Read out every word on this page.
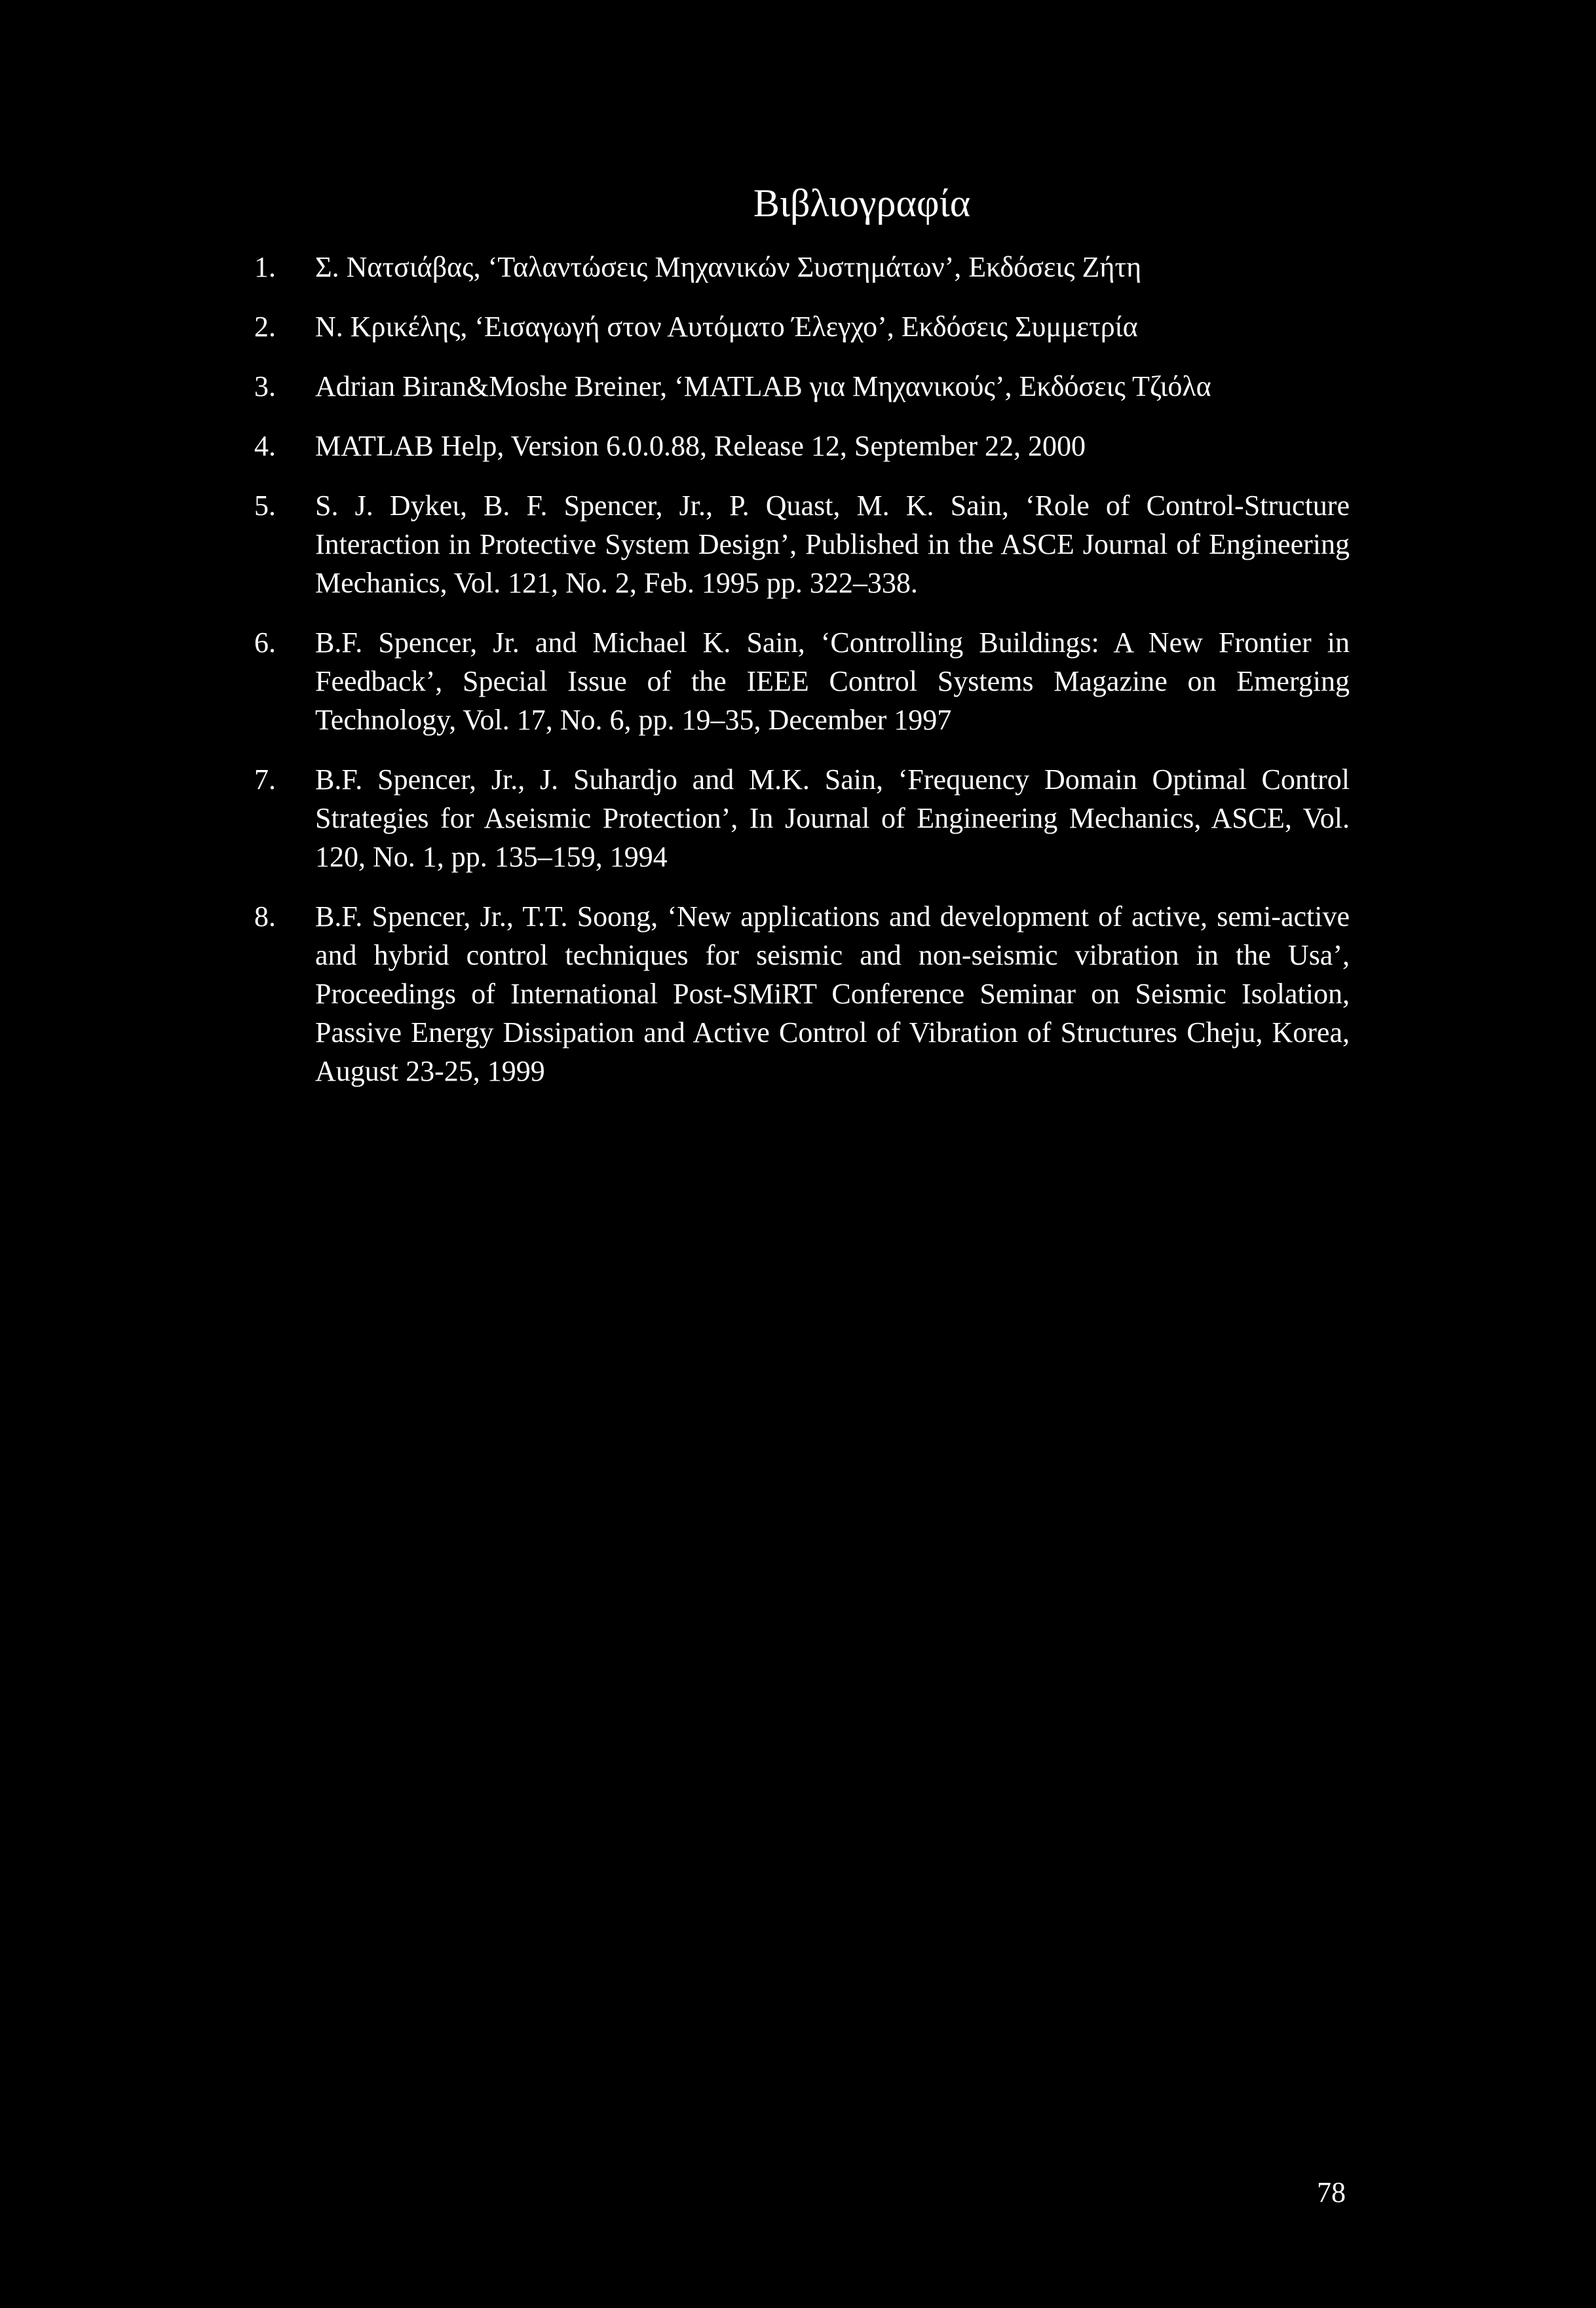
Βιβλιογραφία
1. Σ. Νατσιάβας, ‘Ταλαντώσεις Μηχανικών Συστημάτων’, Εκδόσεις Ζήτη
2. Ν. Κρικέλης, ‘Εισαγωγή στον Αυτόματο Έλεγχο’, Εκδόσεις Συμμετρία
3. Adrian Biran&Moshe Breiner, ‘MATLAB για Μηχανικούς’, Εκδόσεις Τζιόλα
4. MATLAB Help, Version 6.0.0.88, Release 12, September 22, 2000
5. S. J. Dykeι, B. F. Spencer, Jr., P. Quast, M. K. Sain, ‘Role of Control-Structure Interaction in Protective System Design’, Published in the ASCE Journal of Engineering Mechanics, Vol. 121, No. 2, Feb. 1995 pp. 322–338.
6. B.F. Spencer, Jr. and Michael K. Sain, ‘Controlling Buildings: A New Frontier in Feedback’, Special Issue of the IEEE Control Systems Magazine on Emerging Technology, Vol. 17, No. 6, pp. 19–35, December 1997
7. B.F. Spencer, Jr., J. Suhardjo and M.K. Sain, ‘Frequency Domain Optimal Control Strategies for Aseismic Protection’, In Journal of Engineering Mechanics, ASCE, Vol. 120, No. 1, pp. 135–159, 1994
8. B.F. Spencer, Jr., T.T. Soong, ‘New applications and development of active, semi-active and hybrid control techniques for seismic and non-seismic vibration in the Usa’, Proceedings of International Post-SMiRT Conference Seminar on Seismic Isolation, Passive Energy Dissipation and Active Control of Vibration of Structures Cheju, Korea, August 23-25, 1999
78
